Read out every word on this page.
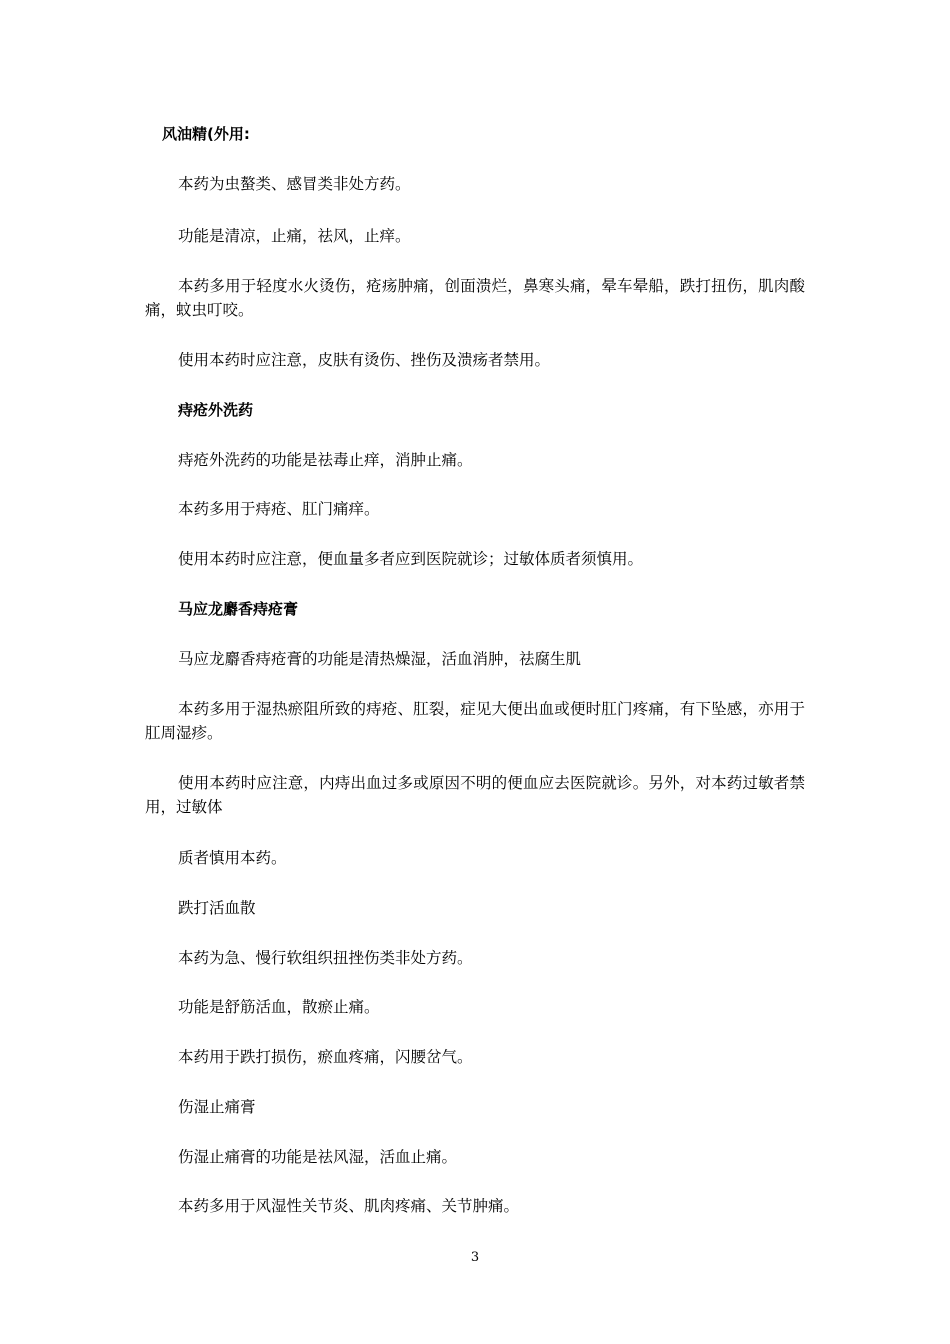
风油精(外用:
本药为虫螯类、感冒类非处方药。
功能是清凉，止痛，祛风，止痒。
本药多用于轻度水火烫伤，疮疡肿痛，创面溃烂，鼻寒头痛，晕车晕船，跌打扭伤，肌肉酸痛，蚊虫叮咬。
使用本药时应注意，皮肤有烫伤、挫伤及溃疡者禁用。
痔疮外洗药
痔疮外洗药的功能是祛毒止痒，消肿止痛。
本药多用于痔疮、肛门痛痒。
使用本药时应注意，便血量多者应到医院就诊；过敏体质者须慎用。
马应龙麝香痔疮膏
马应龙麝香痔疮膏的功能是清热燥湿，活血消肿，祛腐生肌
本药多用于湿热瘀阻所致的痔疮、肛裂，症见大便出血或便时肛门疼痛，有下坠感，亦用于肛周湿疹。
使用本药时应注意，内痔出血过多或原因不明的便血应去医院就诊。另外，对本药过敏者禁用，过敏体
质者慎用本药。
跌打活血散
本药为急、慢行软组织扭挫伤类非处方药。
功能是舒筋活血，散瘀止痛。
本药用于跌打损伤，瘀血疼痛，闪腰岔气。
伤湿止痛膏
伤湿止痛膏的功能是祛风湿，活血止痛。
本药多用于风湿性关节炎、肌肉疼痛、关节肿痛。
3
